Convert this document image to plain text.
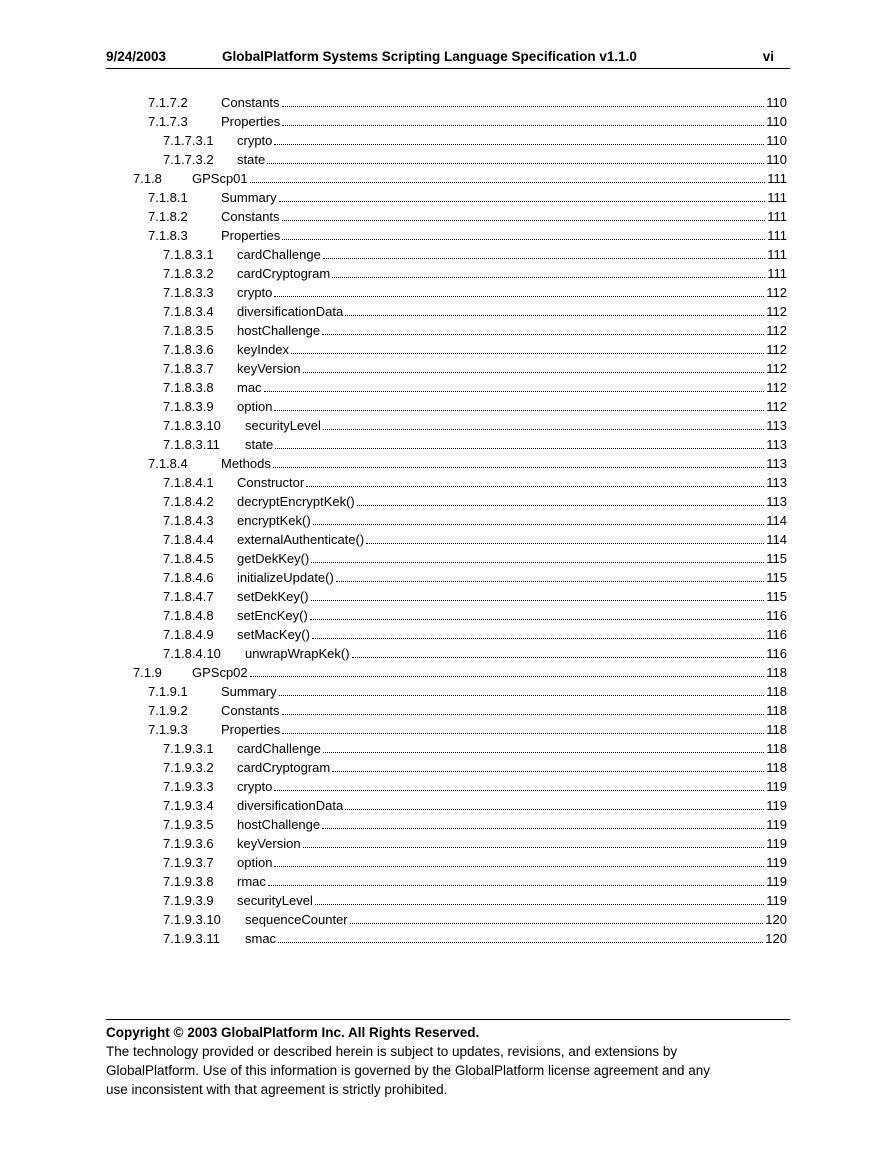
9/24/2003	GlobalPlatform Systems Scripting Language Specification v1.1.0	vi
7.1.7.2	Constants	110
7.1.7.3	Properties	110
7.1.7.3.1	crypto	110
7.1.7.3.2	state	110
7.1.8	GPScp01	111
7.1.8.1	Summary	111
7.1.8.2	Constants	111
7.1.8.3	Properties	111
7.1.8.3.1	cardChallenge	111
7.1.8.3.2	cardCryptogram	111
7.1.8.3.3	crypto	112
7.1.8.3.4	diversificationData	112
7.1.8.3.5	hostChallenge	112
7.1.8.3.6	keyIndex	112
7.1.8.3.7	keyVersion	112
7.1.8.3.8	mac	112
7.1.8.3.9	option	112
7.1.8.3.10	securityLevel	113
7.1.8.3.11	state	113
7.1.8.4	Methods	113
7.1.8.4.1	Constructor	113
7.1.8.4.2	decryptEncryptKek()	113
7.1.8.4.3	encryptKek()	114
7.1.8.4.4	externalAuthenticate()	114
7.1.8.4.5	getDekKey()	115
7.1.8.4.6	initializeUpdate()	115
7.1.8.4.7	setDekKey()	115
7.1.8.4.8	setEncKey()	116
7.1.8.4.9	setMacKey()	116
7.1.8.4.10	unwrapWrapKek()	116
7.1.9	GPScp02	118
7.1.9.1	Summary	118
7.1.9.2	Constants	118
7.1.9.3	Properties	118
7.1.9.3.1	cardChallenge	118
7.1.9.3.2	cardCryptogram	118
7.1.9.3.3	crypto	119
7.1.9.3.4	diversificationData	119
7.1.9.3.5	hostChallenge	119
7.1.9.3.6	keyVersion	119
7.1.9.3.7	option	119
7.1.9.3.8	rmac	119
7.1.9.3.9	securityLevel	119
7.1.9.3.10	sequenceCounter	120
7.1.9.3.11	smac	120
Copyright © 2003 GlobalPlatform Inc. All Rights Reserved.

The technology provided or described herein is subject to updates, revisions, and extensions by

GlobalPlatform. Use of this information is governed by the GlobalPlatform license agreement and any

use inconsistent with that agreement is strictly prohibited.
